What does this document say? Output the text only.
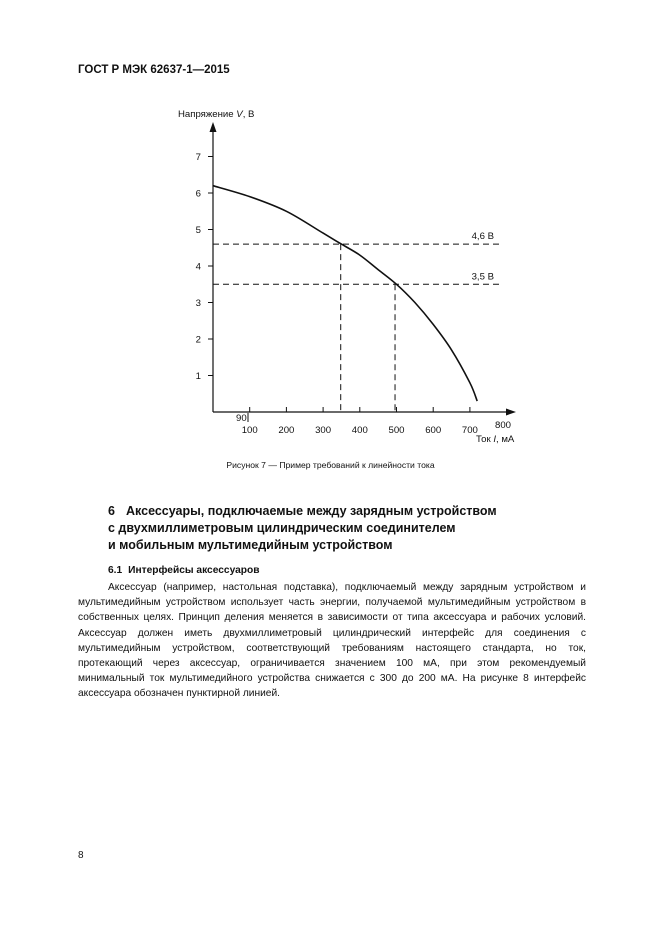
ГОСТ Р МЭК 62637-1—2015
Напряжение V, В
1
2
3
4
5
6
7
100 200 300 400 500 600 700 800
90
4,6 В
3,5 В
Ток I, мА
Рисунок 7 — Пример требований к линейности тока
6 Аксессуары, подключаемые между зарядным устройством
с двухмиллиметровым цилиндрическим соединителем
и мобильным мультимедийным устройством
6.1 Интерфейсы аксессуаров

Аксессуар (например, настольная подставка), подключаемый между зарядным устройством и мультимедийным устройством использует часть энергии, получаемой мультимедийным устройством в собственных целях. Принцип деления меняется в зависимости от типа аксессуара и рабочих условий. Аксессуар должен иметь двухмиллиметровый цилиндрический интерфейс для соединения с мультимедийным устройством, соответствующий требованиям настоящего стандарта, но ток, протекающий через аксессуар, ограничивается значением 100 мА, при этом рекомендуемый минимальный ток мультимедийного устройства снижается с 300 до 200 мА. На рисунке 8 интерфейс аксессуара обозначен пунктирной линией.

8
